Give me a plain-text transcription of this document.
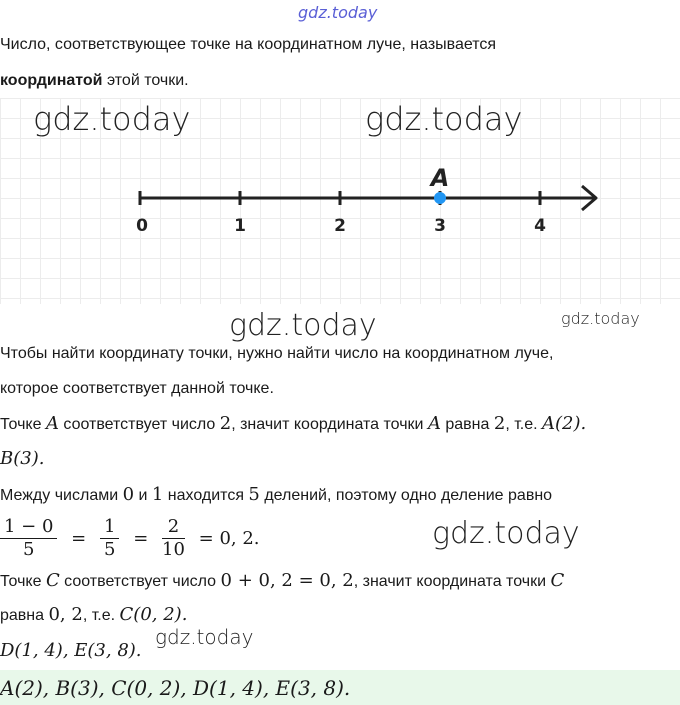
gdz.today
Число, соответствующее точке на координатном луче, называется
координатой этой точки.
0	1	2	3	4
A
gdz.today	gdz.today
gdz.today	gdz.today
Чтобы найти координату точки, нужно найти число на координатном луче,
которое соответствует данной точке.
Точке A соответствует число 2, значит координата точки A равна 2, т.е. A(2).
B(3).
Между числами 0 и 1 находится 5 делений, поэтому одно деление равно
$\frac{1 - 0}{5} = \frac{1}{5} = \frac{2}{10} = 0$, 2.	gdz.today
Точке C соответствует число 0 + 0, 2 = 0, 2, значит координата точки C
равна 0, 2, т.е. C(0, 2).
gdz.today
D(1, 4), E(3, 8).
A(2), B(3), C(0, 2), D(1, 4), E(3, 8).
